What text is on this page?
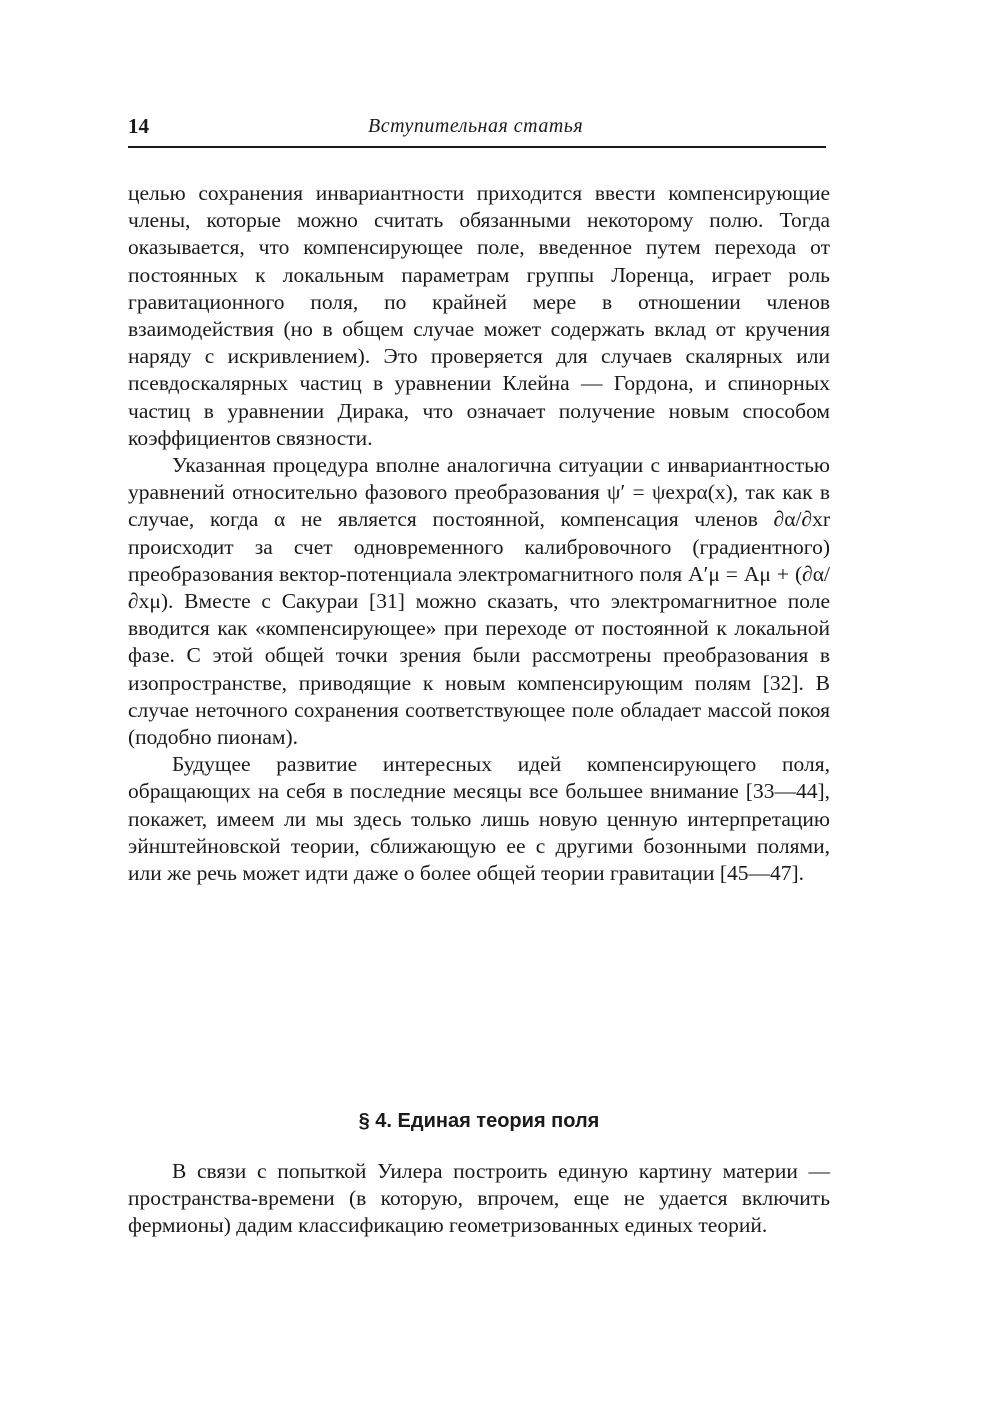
14	Вступительная статья

целью сохранения инвариантности приходится ввести компенсирующие члены, которые можно считать обязанными некоторому полю. Тогда оказывается, что компенсирующее поле, введенное путем перехода от постоянных к локальным параметрам группы Лоренца, играет роль гравитационного поля, по крайней мере в отношении членов взаимодействия (но в общем случае может содержать вклад от кручения наряду с искривлением). Это проверяется для случаев скалярных или псевдоскалярных частиц в уравнении Клейна — Гордона, и спинорных частиц в уравнении Дирака, что означает получение новым способом коэффициентов связности.

Указанная процедура вполне аналогична ситуации с инвариантностью уравнений относительно фазового преобразования ψ′ = ψexpα(x), так как в случае, когда α не является постоянной, компенсация членов ∂α/∂xr происходит за счет одновременного калибровочного (градиентного) преобразования вектор-потенциала электромагнитного поля A′μ = Aμ + (∂α/∂xμ). Вместе с Сакураи [31] можно сказать, что электромагнитное поле вводится как «компенсирующее» при переходе от постоянной к локальной фазе. С этой общей точки зрения были рассмотрены преобразования в изопространстве, приводящие к новым компенсирующим полям [32]. В случае неточного сохранения соответствующее поле обладает массой покоя (подобно пионам).

Будущее развитие интересных идей компенсирующего поля, обращающих на себя в последние месяцы все большее внимание [33—44], покажет, имеем ли мы здесь только лишь новую ценную интерпретацию эйнштейновской теории, сближающую ее с другими бозонными полями, или же речь может идти даже о более общей теории гравитации [45—47].

§ 4. Единая теория поля

В связи с попыткой Уилера построить единую картину материи — пространства-времени (в которую, впрочем, еще не удается включить фермионы) дадим классификацию геометризованных единых теорий.
